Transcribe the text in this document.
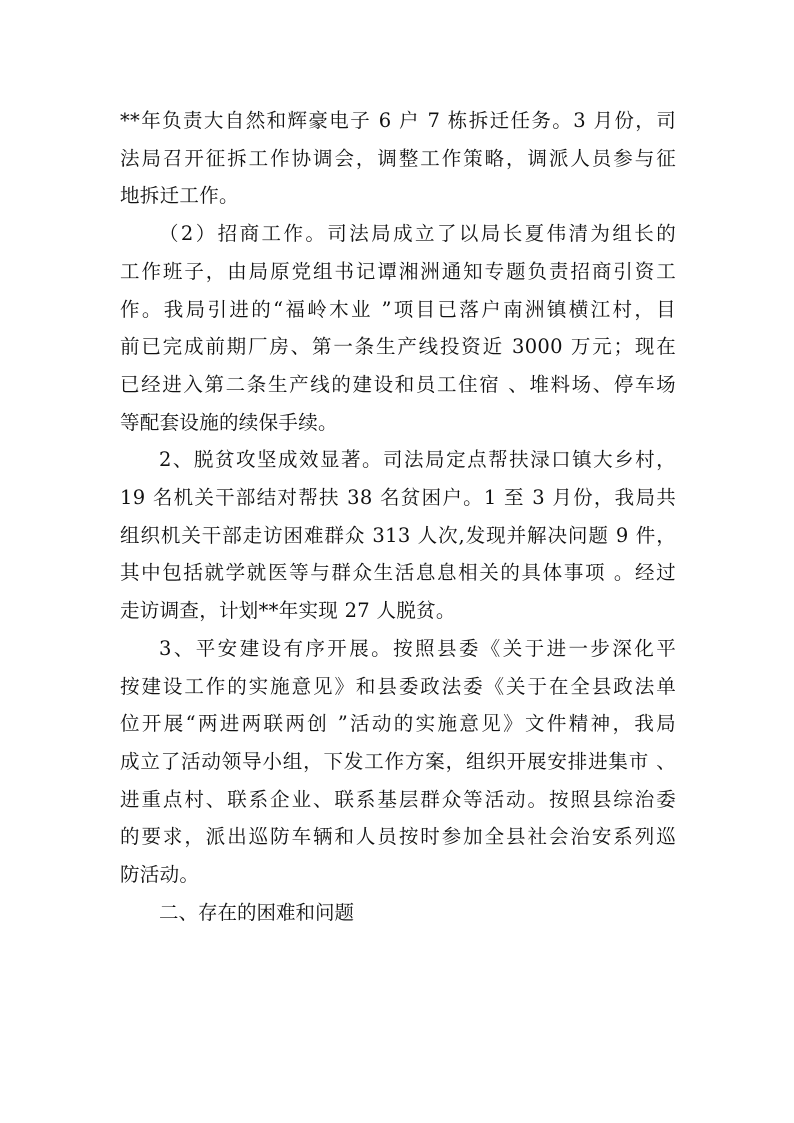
**年负责大自然和辉豪电子 6 户 7 栋拆迁任务。3 月份，司
法局召开征拆工作协调会，调整工作策略，调派人员参与征
地拆迁工作。

（2）招商工作。司法局成立了以局长夏伟清为组长的
工作班子，由局原党组书记谭湘洲通知专题负责招商引资工
作。我局引进的“福岭木业 ”项目已落户南洲镇横江村，目
前已完成前期厂房、第一条生产线投资近 3000 万元；现在
已经进入第二条生产线的建设和员工住宿 、堆料场、停车场
等配套设施的续保手续。

2、脱贫攻坚成效显著。司法局定点帮扶渌口镇大乡村，
19 名机关干部结对帮扶 38 名贫困户。1 至 3 月份，我局共
组织机关干部走访困难群众 313 人次,发现并解决问题 9 件，
其中包括就学就医等与群众生活息息相关的具体事项 。经过
走访调查，计划**年实现 27 人脱贫。

3、平安建设有序开展。按照县委《关于进一步深化平
按建设工作的实施意见》和县委政法委《关于在全县政法单
位开展“两进两联两创 ”活动的实施意见》文件精神，我局
成立了活动领导小组，下发工作方案，组织开展安排进集市 、
进重点村、联系企业、联系基层群众等活动。按照县综治委
的要求，派出巡防车辆和人员按时参加全县社会治安系列巡
防活动。

二、存在的困难和问题
